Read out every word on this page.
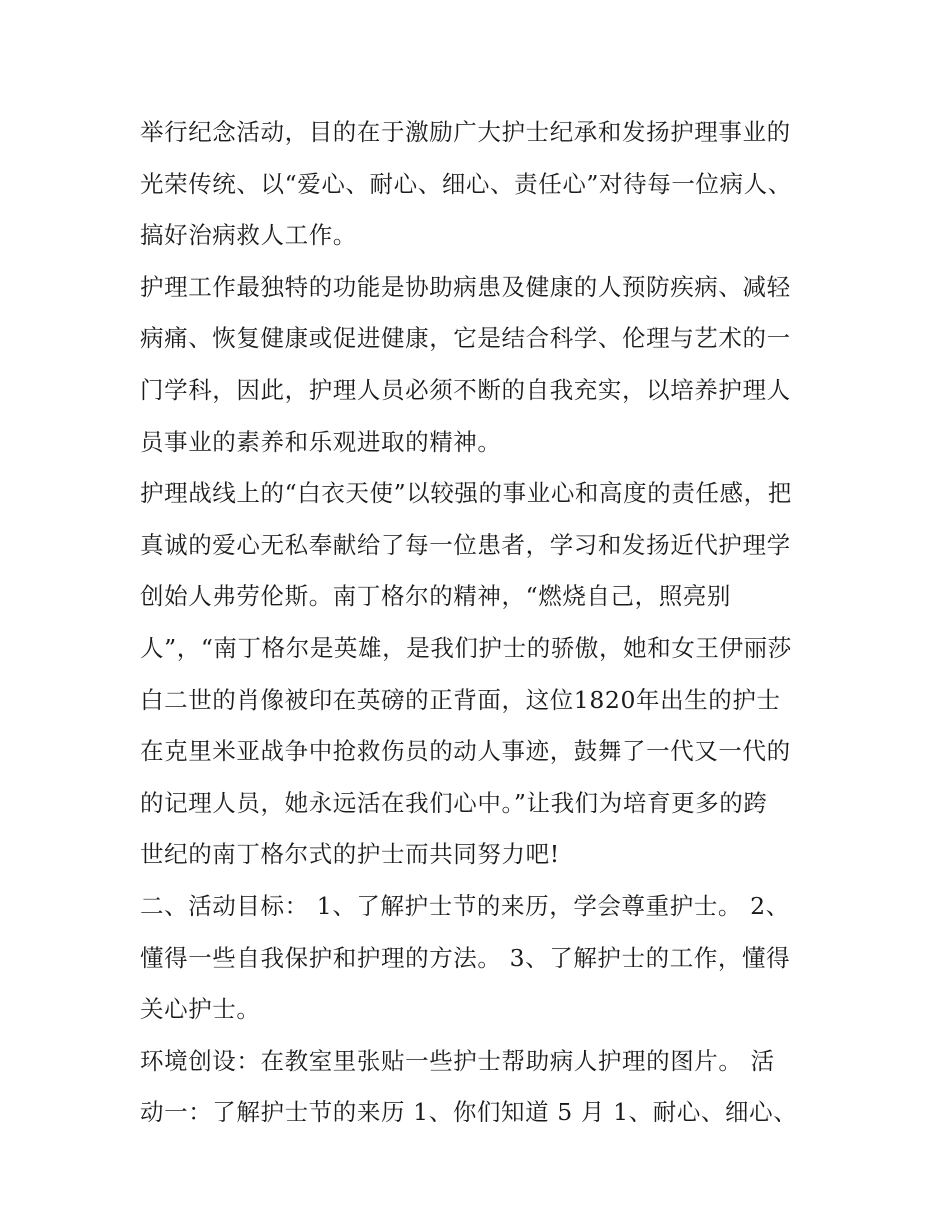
举行纪念活动，目的在于激励广大护士纪承和发扬护理事业的
光荣传统、以“爱心、耐心、细心、责任心”对待每一位病人、
搞好治病救人工作。
护理工作最独特的功能是协助病患及健康的人预防疾病、减轻
病痛、恢复健康或促进健康，它是结合科学、伦理与艺术的一
门学科，因此，护理人员必须不断的自我充实，以培养护理人
员事业的素养和乐观进取的精神。
护理战线上的“白衣天使”以较强的事业心和高度的责任感，把
真诚的爱心无私奉献给了每一位患者，学习和发扬近代护理学
创始人弗劳伦斯。南丁格尔的精神，“燃烧自己，照亮别
人”，“南丁格尔是英雄，是我们护士的骄傲，她和女王伊丽莎
白二世的肖像被印在英磅的正背面，这位1820年出生的护士
在克里米亚战争中抢救伤员的动人事迹，鼓舞了一代又一代的
的记理人员，她永远活在我们心中。”让我们为培育更多的跨
世纪的南丁格尔式的护士而共同努力吧!
二、活动目标： 1、了解护士节的来历，学会尊重护士。 2、
懂得一些自我保护和护理的方法。 3、了解护士的工作，懂得
关心护士。
环境创设：在教室里张贴一些护士帮助病人护理的图片。 活
动一：了解护士节的来历 1、你们知道 5 月 1、耐心、细心、
